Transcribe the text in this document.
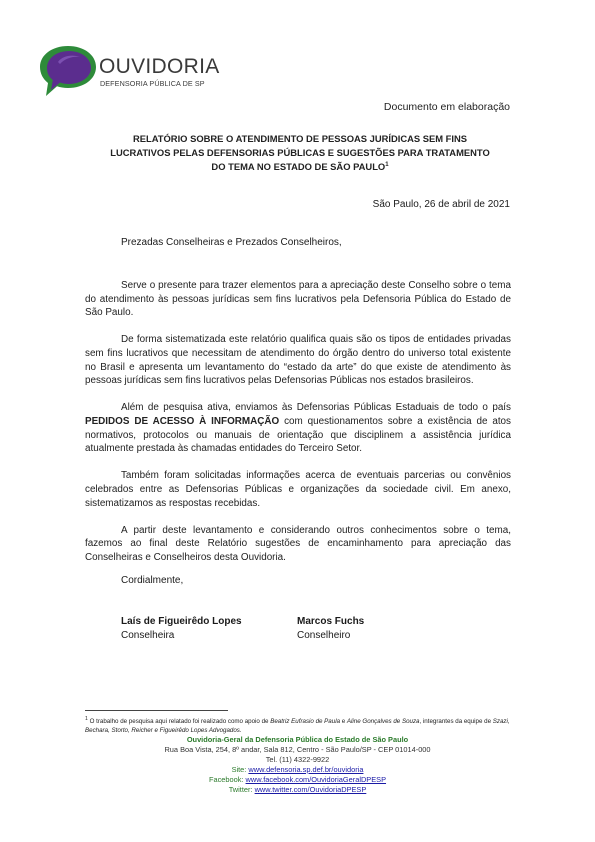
OUVIDORIA
DEFENSORIA PÚBLICA DE SP
Documento em elaboração
RELATÓRIO SOBRE O ATENDIMENTO DE PESSOAS JURÍDICAS SEM FINS LUCRATIVOS PELAS DEFENSORIAS PÚBLICAS E SUGESTÕES PARA TRATAMENTO DO TEMA NO ESTADO DE SÃO PAULO$^1$
São Paulo, 26 de abril de 2021
Prezadas Conselheiras e Prezados Conselheiros,

Serve o presente para trazer elementos para a apreciação deste Conselho sobre o tema do atendimento às pessoas jurídicas sem fins lucrativos pela Defensoria Pública do Estado de São Paulo.

De forma sistematizada este relatório qualifica quais são os tipos de entidades privadas sem fins lucrativos que necessitam de atendimento do órgão dentro do universo total existente no Brasil e apresenta um levantamento do “estado da arte” do que existe de atendimento às pessoas jurídicas sem fins lucrativos pelas Defensorias Públicas nos estados brasileiros.

Além de pesquisa ativa, enviamos às Defensorias Públicas Estaduais de todo o país PEDIDOS DE ACESSO À INFORMAÇÃO com questionamentos sobre a existência de atos normativos, protocolos ou manuais de orientação que disciplinem a assistência jurídica atualmente prestada às chamadas entidades do Terceiro Setor.

Também foram solicitadas informações acerca de eventuais parcerias ou convênios celebrados entre as Defensorias Públicas e organizações da sociedade civil. Em anexo, sistematizamos as respostas recebidas.

A partir deste levantamento e considerando outros conhecimentos sobre o tema, fazemos ao final deste Relatório sugestões de encaminhamento para apreciação das Conselheiras e Conselheiros desta Ouvidoria.

Cordialmente,
Laís de Figueirêdo Lopes
Conselheira
Marcos Fuchs
Conselheiro
$^1$ O trabalho de pesquisa aqui relatado foi realizado como apoio de Beatriz Eufrasio de Paula e Aline Gonçalves de Souza, integrantes da equipe de Szazi, Bechara, Storto, Reicher e Figueirêdo Lopes Advogados.
Ouvidoria-Geral da Defensoria Pública do Estado de São Paulo
Rua Boa Vista, 254, 8º andar, Sala 812, Centro - São Paulo/SP - CEP 01014-000
Tel. (11) 4322-9922
Site: www.defensoria.sp.def.br/ouvidoria
Facebook: www.facebook.com/OuvidoriaGeralDPESP
Twitter: www.twitter.com/OuvidoriaDPESP
